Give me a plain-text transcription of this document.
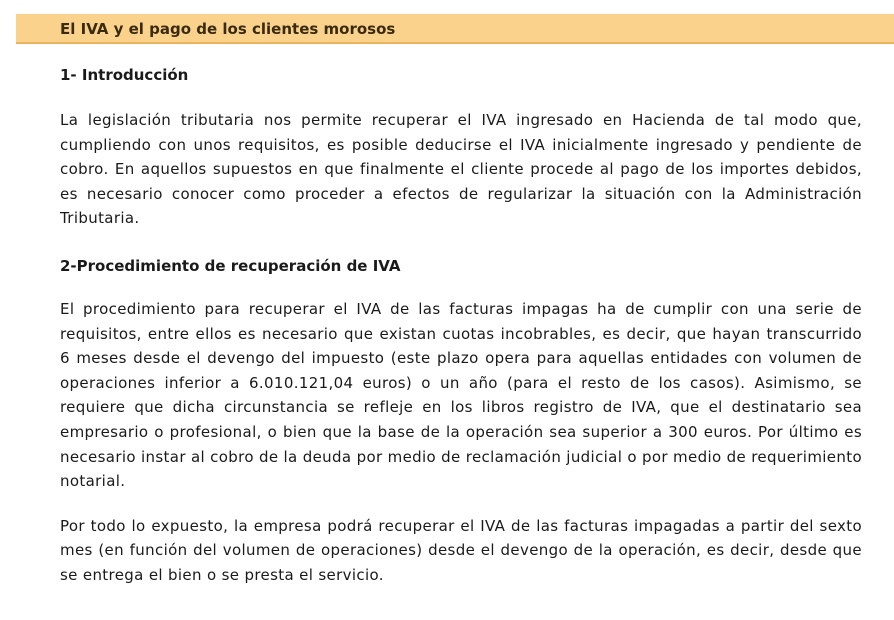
El IVA y el pago de los clientes morosos
1- Introducción

La legislación tributaria nos permite recuperar el IVA ingresado en Hacienda de tal modo que, cumpliendo con unos requisitos, es posible deducirse el IVA inicialmente ingresado y pendiente de cobro. En aquellos supuestos en que finalmente el cliente procede al pago de los importes debidos, es necesario conocer como proceder a efectos de regularizar la situación con la Administración Tributaria.

2-Procedimiento de recuperación de IVA

El procedimiento para recuperar el IVA de las facturas impagas ha de cumplir con una serie de requisitos, entre ellos es necesario que existan cuotas incobrables, es decir, que hayan transcurrido 6 meses desde el devengo del impuesto (este plazo opera para aquellas entidades con volumen de operaciones inferior a 6.010.121,04 euros) o un año (para el resto de los casos). Asimismo, se requiere que dicha circunstancia se refleje en los libros registro de IVA, que el destinatario sea empresario o profesional, o bien que la base de la operación sea superior a 300 euros. Por último es necesario instar al cobro de la deuda por medio de reclamación judicial o por medio de requerimiento notarial.

Por todo lo expuesto, la empresa podrá recuperar el IVA de las facturas impagadas a partir del sexto mes (en función del volumen de operaciones) desde el devengo de la operación, es decir, desde que se entrega el bien o se presta el servicio.
